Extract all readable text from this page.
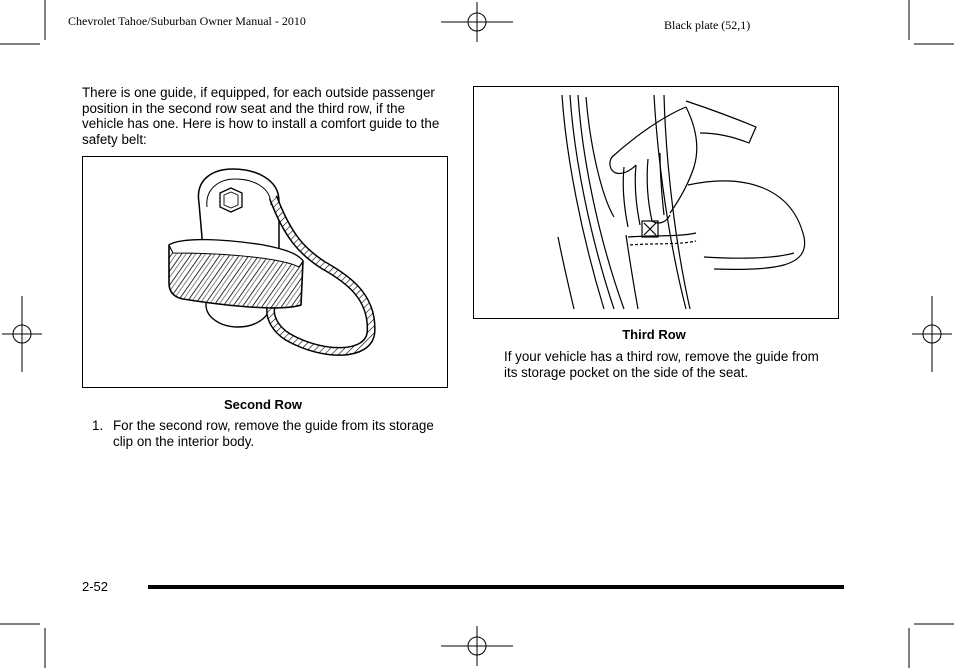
Chevrolet Tahoe/Suburban Owner Manual - 2010	Black plate (52,1)
There is one guide, if equipped, for each outside passenger position in the second row seat and the third row, if the vehicle has one. Here is how to install a comfort guide to the safety belt:
Second Row
1. For the second row, remove the guide from its storage clip on the interior body.
Third Row
If your vehicle has a third row, remove the guide from its storage pocket on the side of the seat.
2-52
